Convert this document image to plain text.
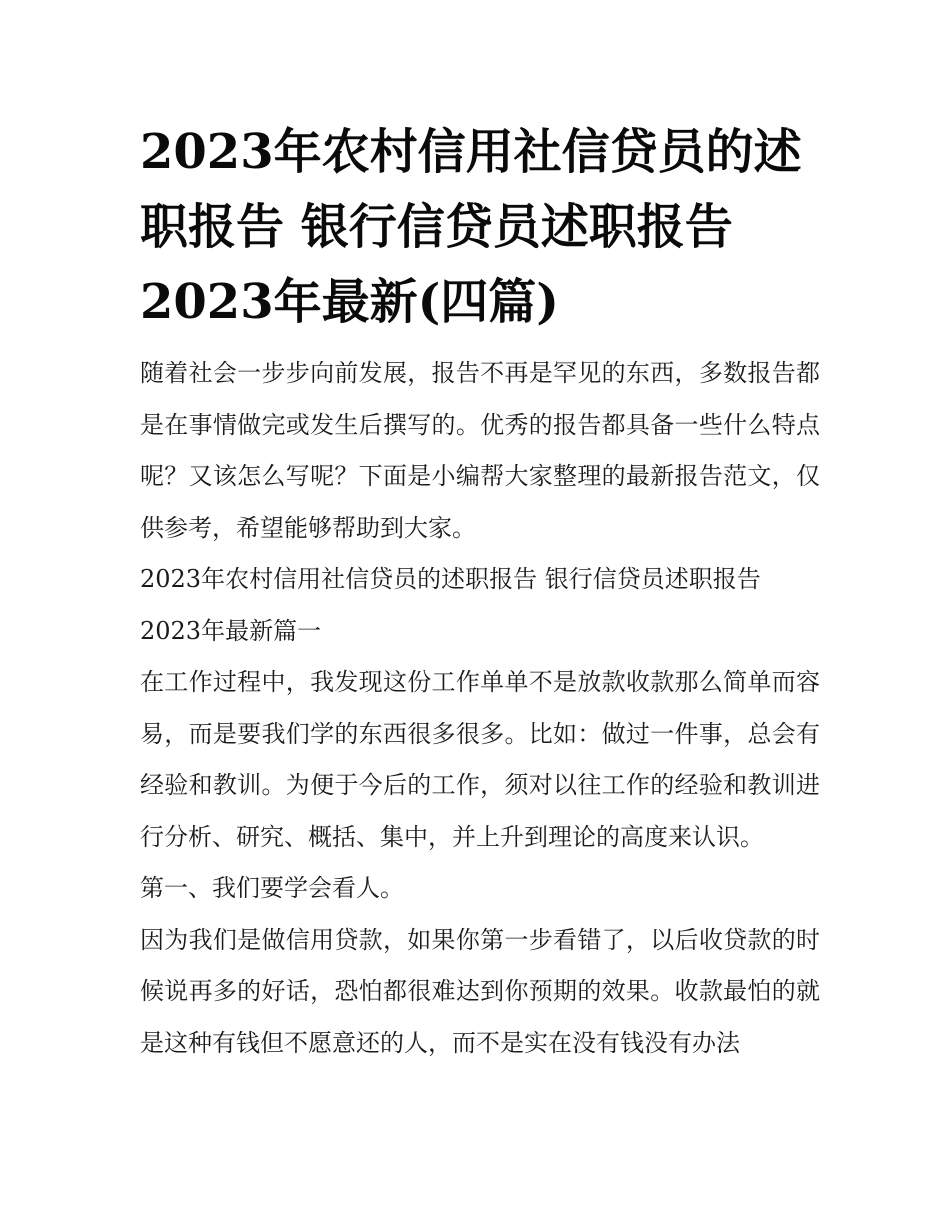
2023年农村信用社信贷员的述
职报告 银行信贷员述职报告
2023年最新(四篇)

随着社会一步步向前发展，报告不再是罕见的东西，多数报告都是在事情做完或发生后撰写的。优秀的报告都具备一些什么特点呢？又该怎么写呢？下面是小编帮大家整理的最新报告范文，仅供参考，希望能够帮助到大家。

2023年农村信用社信贷员的述职报告 银行信贷员述职报告

2023年最新篇一

在工作过程中，我发现这份工作单单不是放款收款那么简单而容易，而是要我们学的东西很多很多。比如：做过一件事，总会有经验和教训。为便于今后的工作，须对以往工作的经验和教训进行分析、研究、概括、集中，并上升到理论的高度来认识。

第一、我们要学会看人。

因为我们是做信用贷款，如果你第一步看错了，以后收贷款的时候说再多的好话，恐怕都很难达到你预期的效果。收款最怕的就是这种有钱但不愿意还的人，而不是实在没有钱没有办法
